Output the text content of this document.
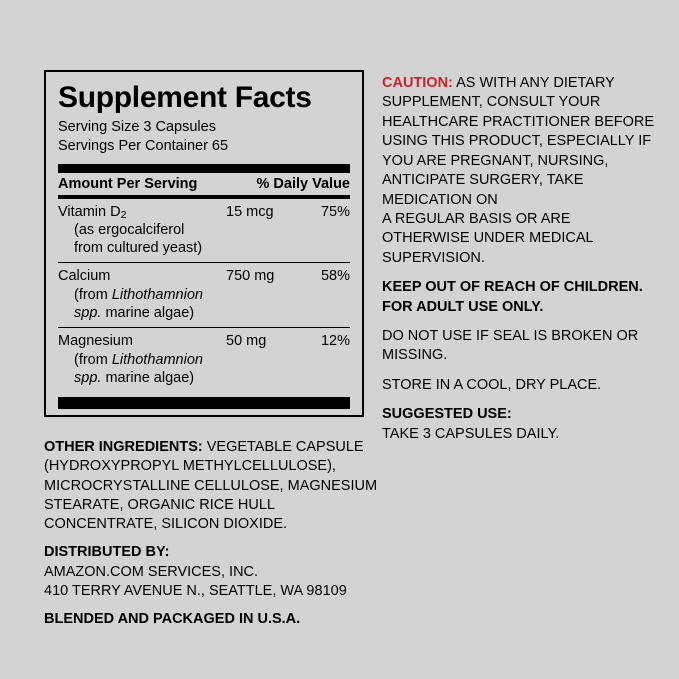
Supplement Facts
Serving Size 3 Capsules
Servings Per Container 65
Amount Per Serving	% Daily Value
Vitamin $D_2$	15 mcg	75%
(as ergocalciferol
from cultured yeast)
Calcium	750 mg	58%
(from Lithothamnion
spp. marine algae)
Magnesium	50 mg	12%
(from Lithothamnion
spp. marine algae)
OTHER INGREDIENTS: VEGETABLE CAPSULE (HYDROXYPROPYL METHYLCELLULOSE), MICROCRYSTALLINE CELLULOSE, MAGNESIUM STEARATE, ORGANIC RICE HULL CONCENTRATE, SILICON DIOXIDE.
DISTRIBUTED BY:
AMAZON.COM SERVICES, INC.
410 TERRY AVENUE N., SEATTLE, WA 98109
BLENDED AND PACKAGED IN U.S.A.
CAUTION: AS WITH ANY DIETARY SUPPLEMENT, CONSULT YOUR HEALTHCARE PRACTITIONER BEFORE USING THIS PRODUCT, ESPECIALLY IF YOU ARE PREGNANT, NURSING, ANTICIPATE SURGERY, TAKE MEDICATION ON
A REGULAR BASIS OR ARE OTHERWISE UNDER MEDICAL SUPERVISION.
KEEP OUT OF REACH OF CHILDREN.
FOR ADULT USE ONLY.
DO NOT USE IF SEAL IS BROKEN OR MISSING.
STORE IN A COOL, DRY PLACE.
SUGGESTED USE:
TAKE 3 CAPSULES DAILY.
